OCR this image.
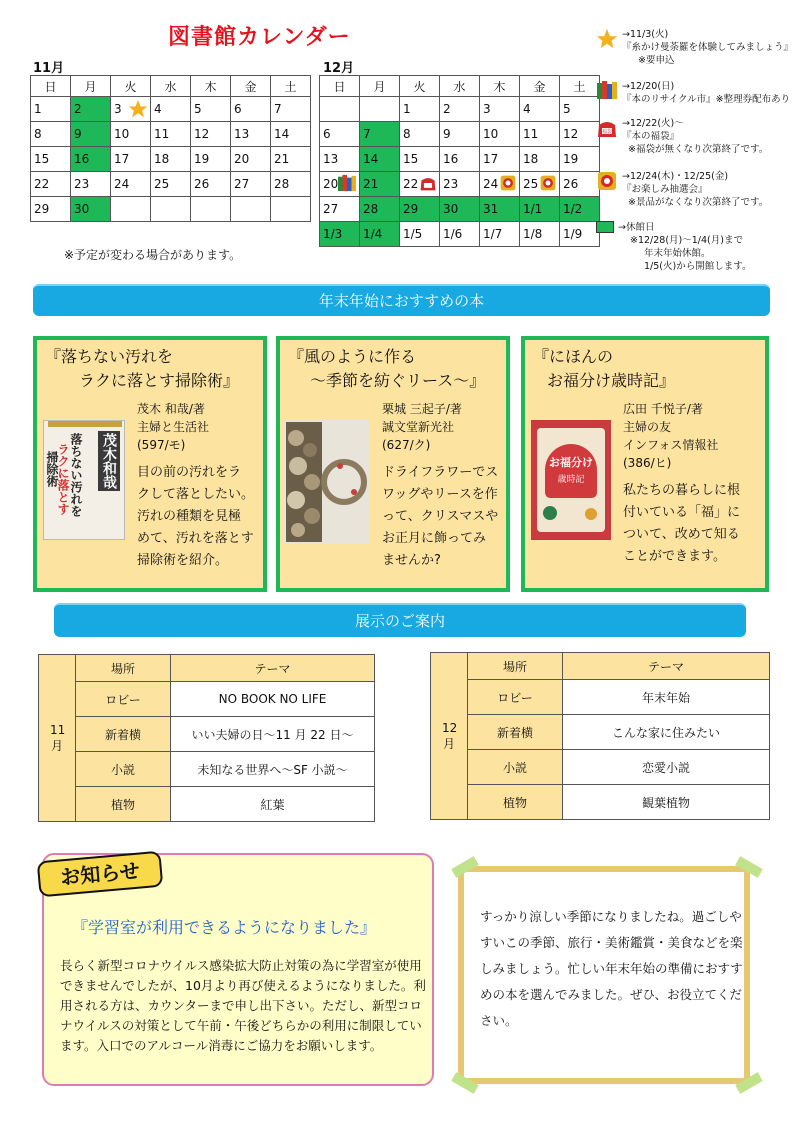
図書館カレンダー
11月
日	月	火	水	木	金	土
1	2	3	4	5	6	7
8	9	10	11	12	13	14
15	16	17	18	19	20	21
22	23	24	25	26	27	28
29	30					
12月
日	月	火	水	木	金	土
		1	2	3	4	5
6	7	8	9	10	11	12
13	14	15	16	17	18	19
20	21	22	23	24	25	26
27	28	29	30	31	1/1	1/2
1/3	1/4	1/5	1/6	1/7	1/8	1/9
※予定が変わる場合があります。
→11/3(火)
『糸かけ曼荼羅を体験してみましょう』
※要申込
→12/20(日)
『本のリサイクル市』※整理券配布あり
福袋
→12/22(火)～
『本の福袋』
※福袋が無くなり次第終了です。
→12/24(木)・12/25(金)
『お楽しみ抽選会』
※景品がなくなり次第終了です。
→休館日
※12/28(月)～1/4(月)まで
年末年始休館。
1/5(火)から開館します。
年末年始におすすめの本
『落ちない汚れを
ラクに落とす掃除術』
茂木和哉
落ちない汚れを
ラクに落とす
掃除術
茂木 和哉/著
主婦と生活社
(597/モ)
目の前の汚れをラ
クして落としたい。
汚れの種類を見極
めて、汚れを落とす
掃除術を紹介。
『風のように作る
～季節を紡ぐリース～』
栗城 三起子/著
誠文堂新光社
(627/ク)
ドライフラワーでス
ワッグやリースを作
って、クリスマスや
お正月に飾ってみ
ませんか?
『にほんの
お福分け歳時記』
お福分け
歳時記
広田 千悦子/著
主婦の友
インフォス情報社
(386/ヒ)
私たちの暮らしに根
付いている「福」に
ついて、改めて知る
ことができます。
展示のご案内
11月	場所	テーマ
	ロビー	NO BOOK NO LIFE
	新着横	いい夫婦の日～11 月 22 日～
	小説	未知なる世界へ～SF 小説～
	植物	紅葉
12月	場所	テーマ
	ロビー	年末年始
	新着横	こんな家に住みたい
	小説	恋愛小説
	植物	観葉植物
お知らせ
『学習室が利用できるようになりました』
長らく新型コロナウイルス感染拡大防止対策の為に学習室が使用できませんでしたが、10月より再び使えるようになりました。利用される方は、カウンターまで申し出下さい。ただし、新型コロナウイルスの対策として午前・午後どちらかの利用に制限しています。入口でのアルコール消毒にご協力をお願いします。
すっかり涼しい季節になりましたね。過ごしやすいこの季節、旅行・美術鑑賞・美食などを楽しみましょう。忙しい年末年始の準備におすすめの本を選んでみました。ぜひ、お役立てください。
